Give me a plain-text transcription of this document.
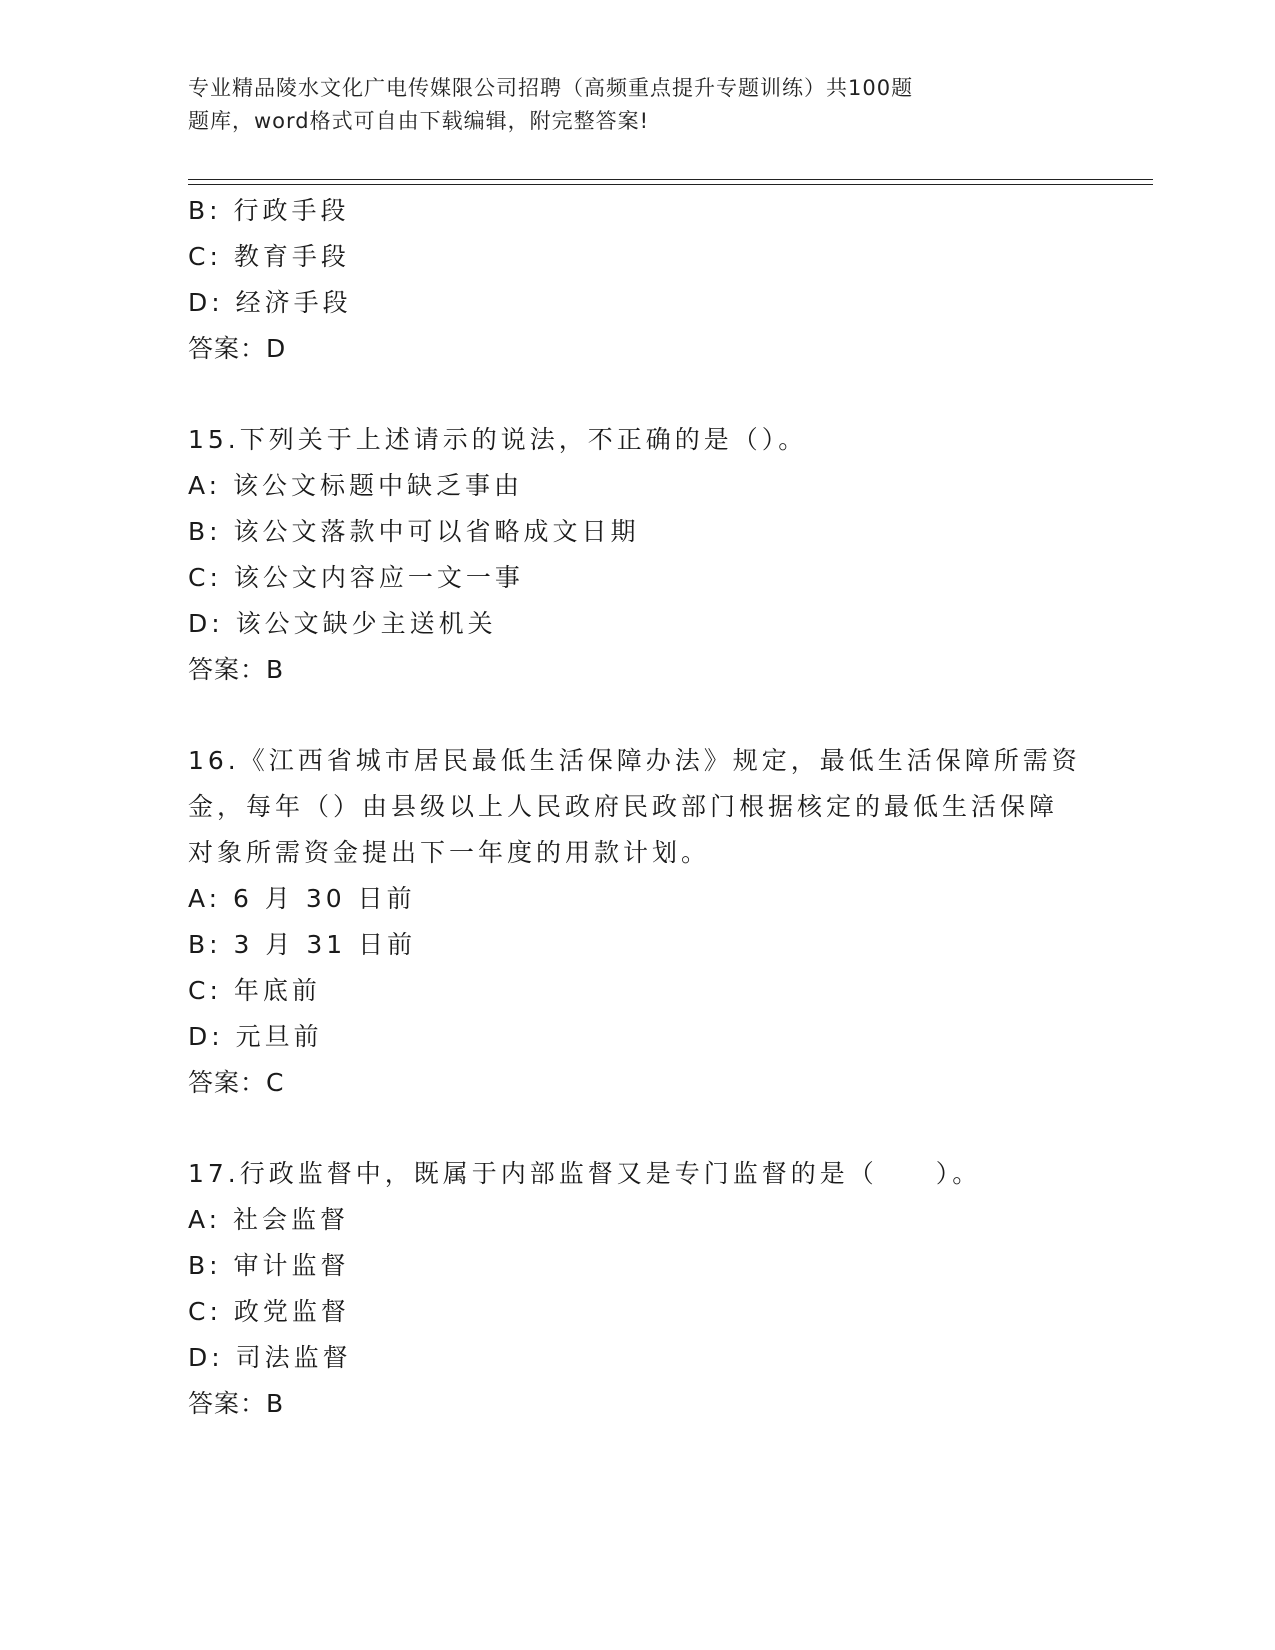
专业精品陵水文化广电传媒限公司招聘（高频重点提升专题训练）共100题
题库，word格式可自由下载编辑，附完整答案!
B: 行政手段
C: 教育手段
D: 经济手段
答案：D
15.下列关于上述请示的说法，不正确的是（）。
A: 该公文标题中缺乏事由
B: 该公文落款中可以省略成文日期
C: 该公文内容应一文一事
D: 该公文缺少主送机关
答案：B
16.《江西省城市居民最低生活保障办法》规定，最低生活保障所需资
金，每年（）由县级以上人民政府民政部门根据核定的最低生活保障
对象所需资金提出下一年度的用款计划。
A: 6 月 30 日前
B: 3 月 31 日前
C: 年底前
D: 元旦前
答案：C
17.行政监督中，既属于内部监督又是专门监督的是（　　）。
A: 社会监督
B: 审计监督
C: 政党监督
D: 司法监督
答案：B
